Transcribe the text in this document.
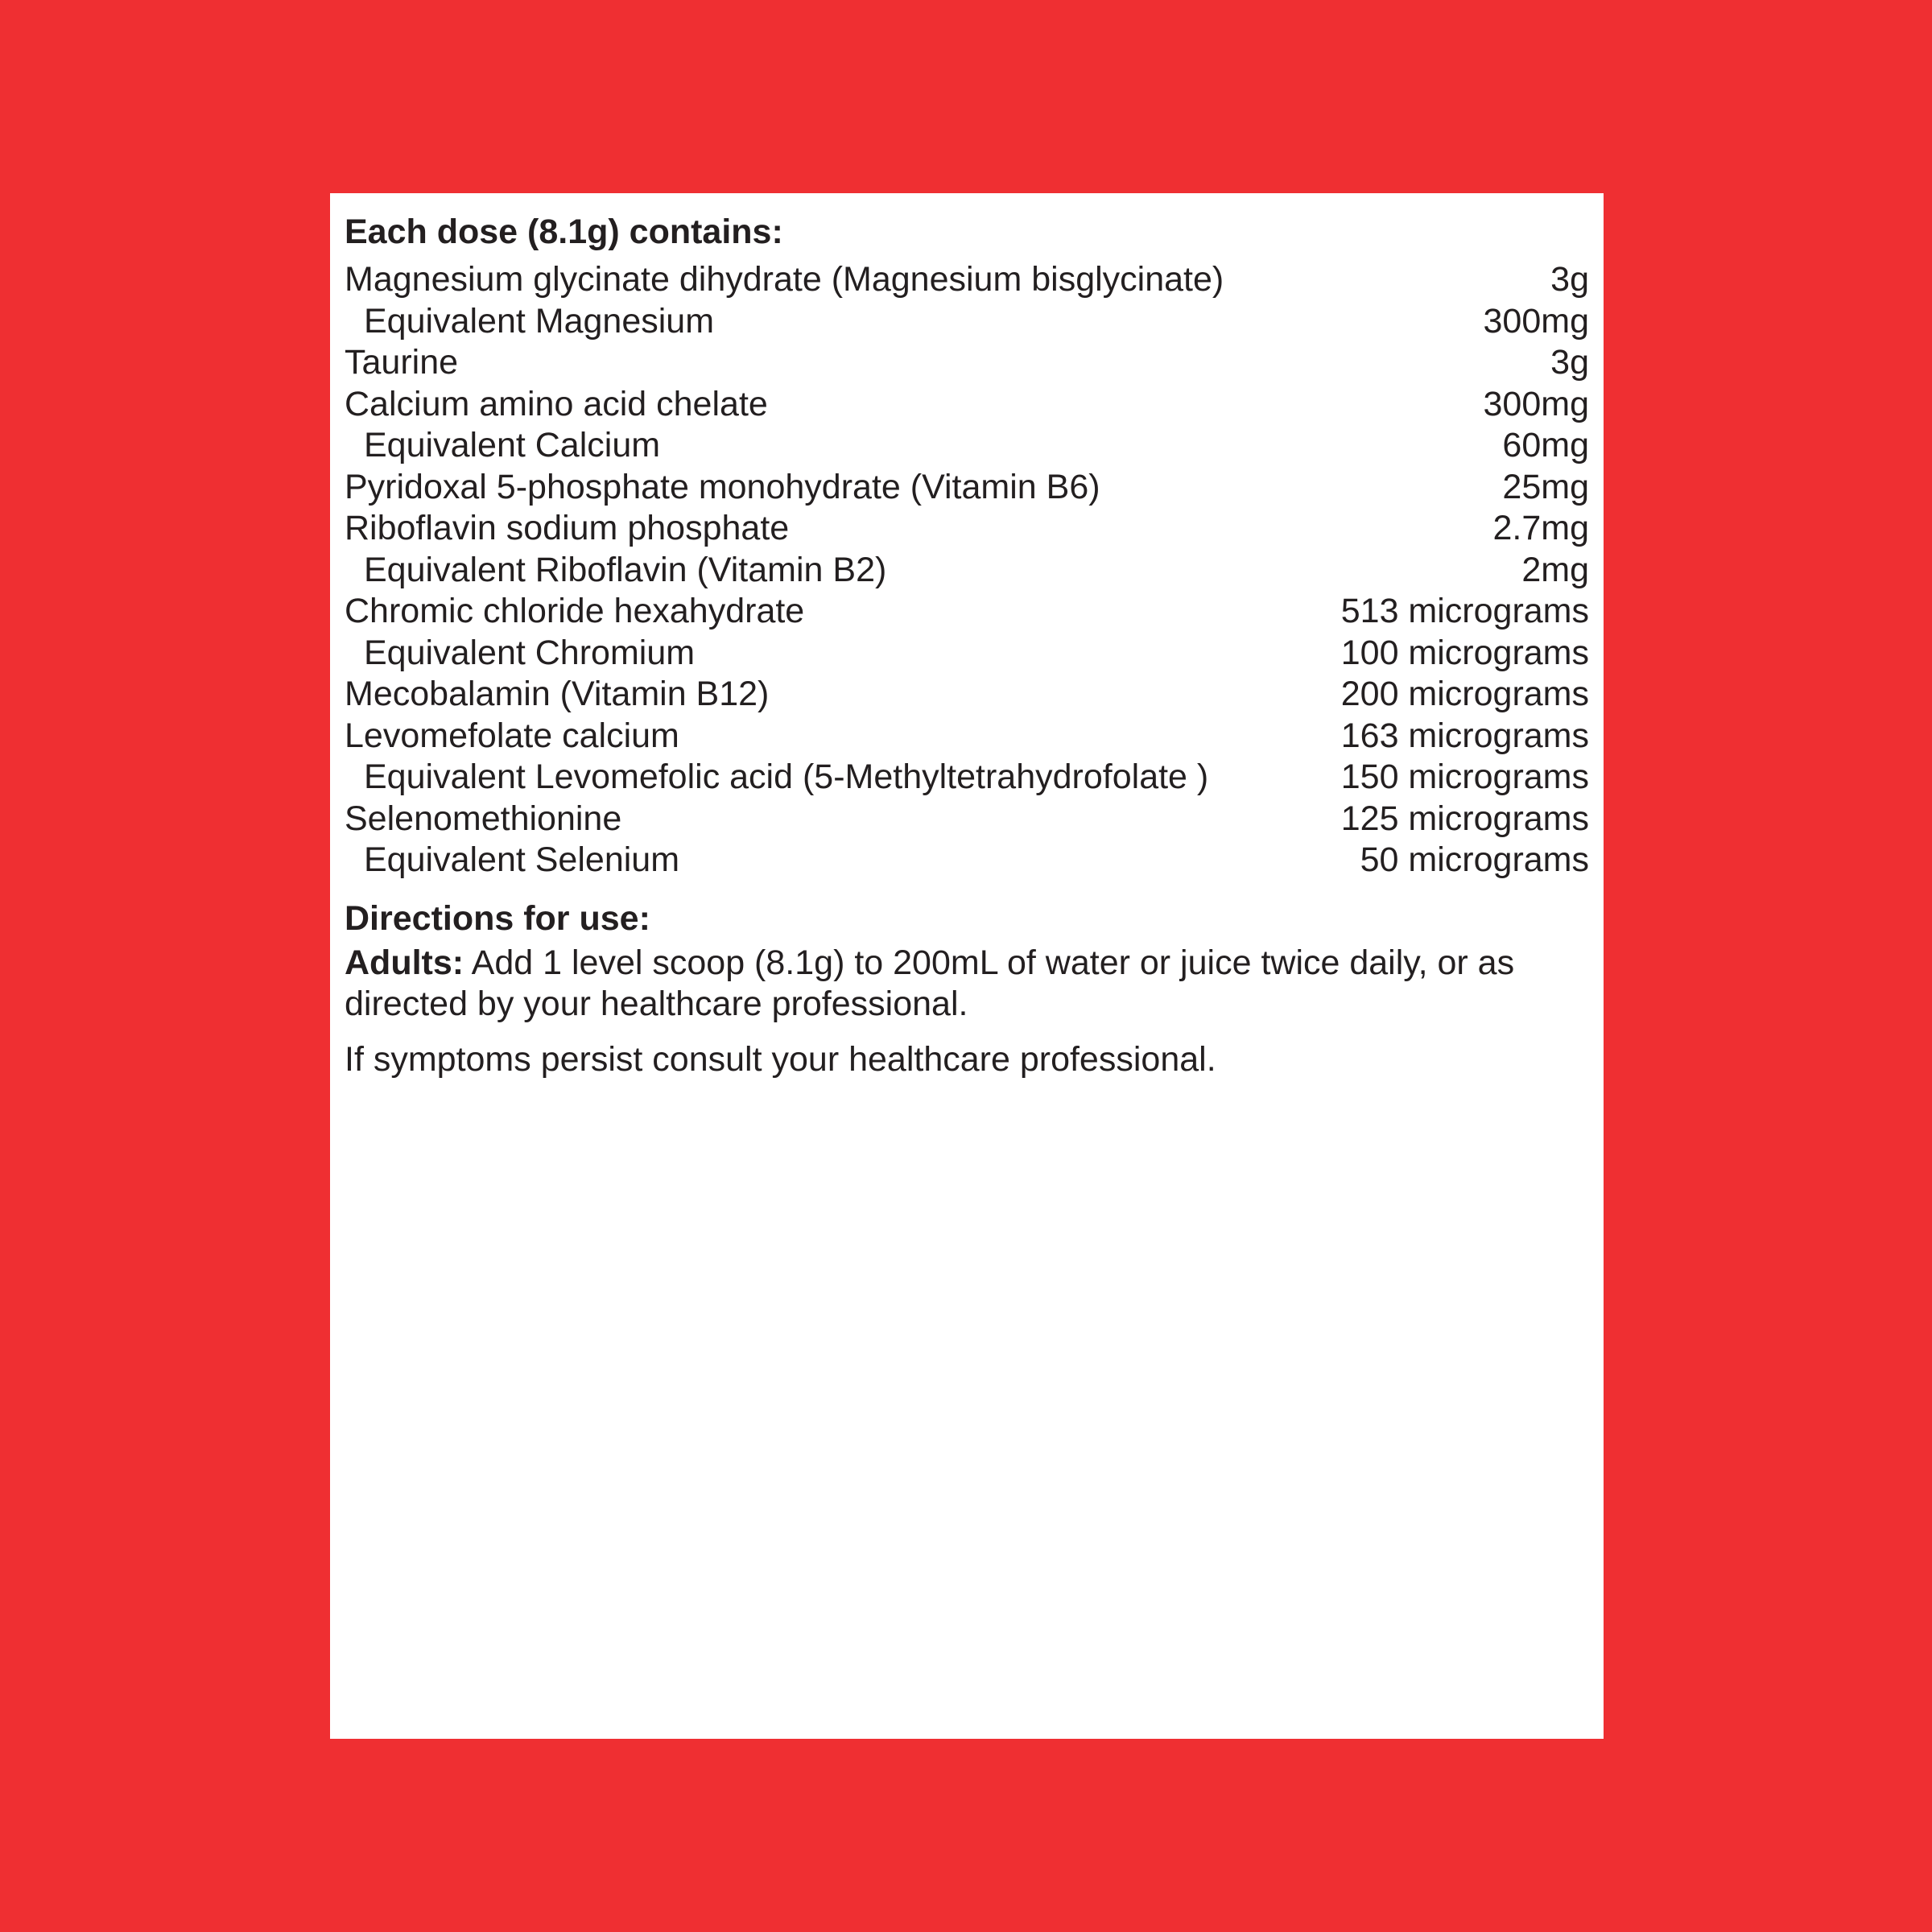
Each dose (8.1g) contains:
Magnesium glycinate dihydrate (Magnesium bisglycinate)	3g
Equivalent Magnesium	300mg
Taurine	3g
Calcium amino acid chelate	300mg
Equivalent Calcium	60mg
Pyridoxal 5-phosphate monohydrate (Vitamin B6)	25mg
Riboflavin sodium phosphate	2.7mg
Equivalent Riboflavin (Vitamin B2)	2mg
Chromic chloride hexahydrate	513 micrograms
Equivalent Chromium	100 micrograms
Mecobalamin (Vitamin B12)	200 micrograms
Levomefolate calcium	163 micrograms
Equivalent Levomefolic acid (5-Methyltetrahydrofolate )	150 micrograms
Selenomethionine	125 micrograms
Equivalent Selenium	50 micrograms
Directions for use:

Adults: Add 1 level scoop (8.1g) to 200mL of water or juice twice daily, or as directed by your healthcare professional.

If symptoms persist consult your healthcare professional.
